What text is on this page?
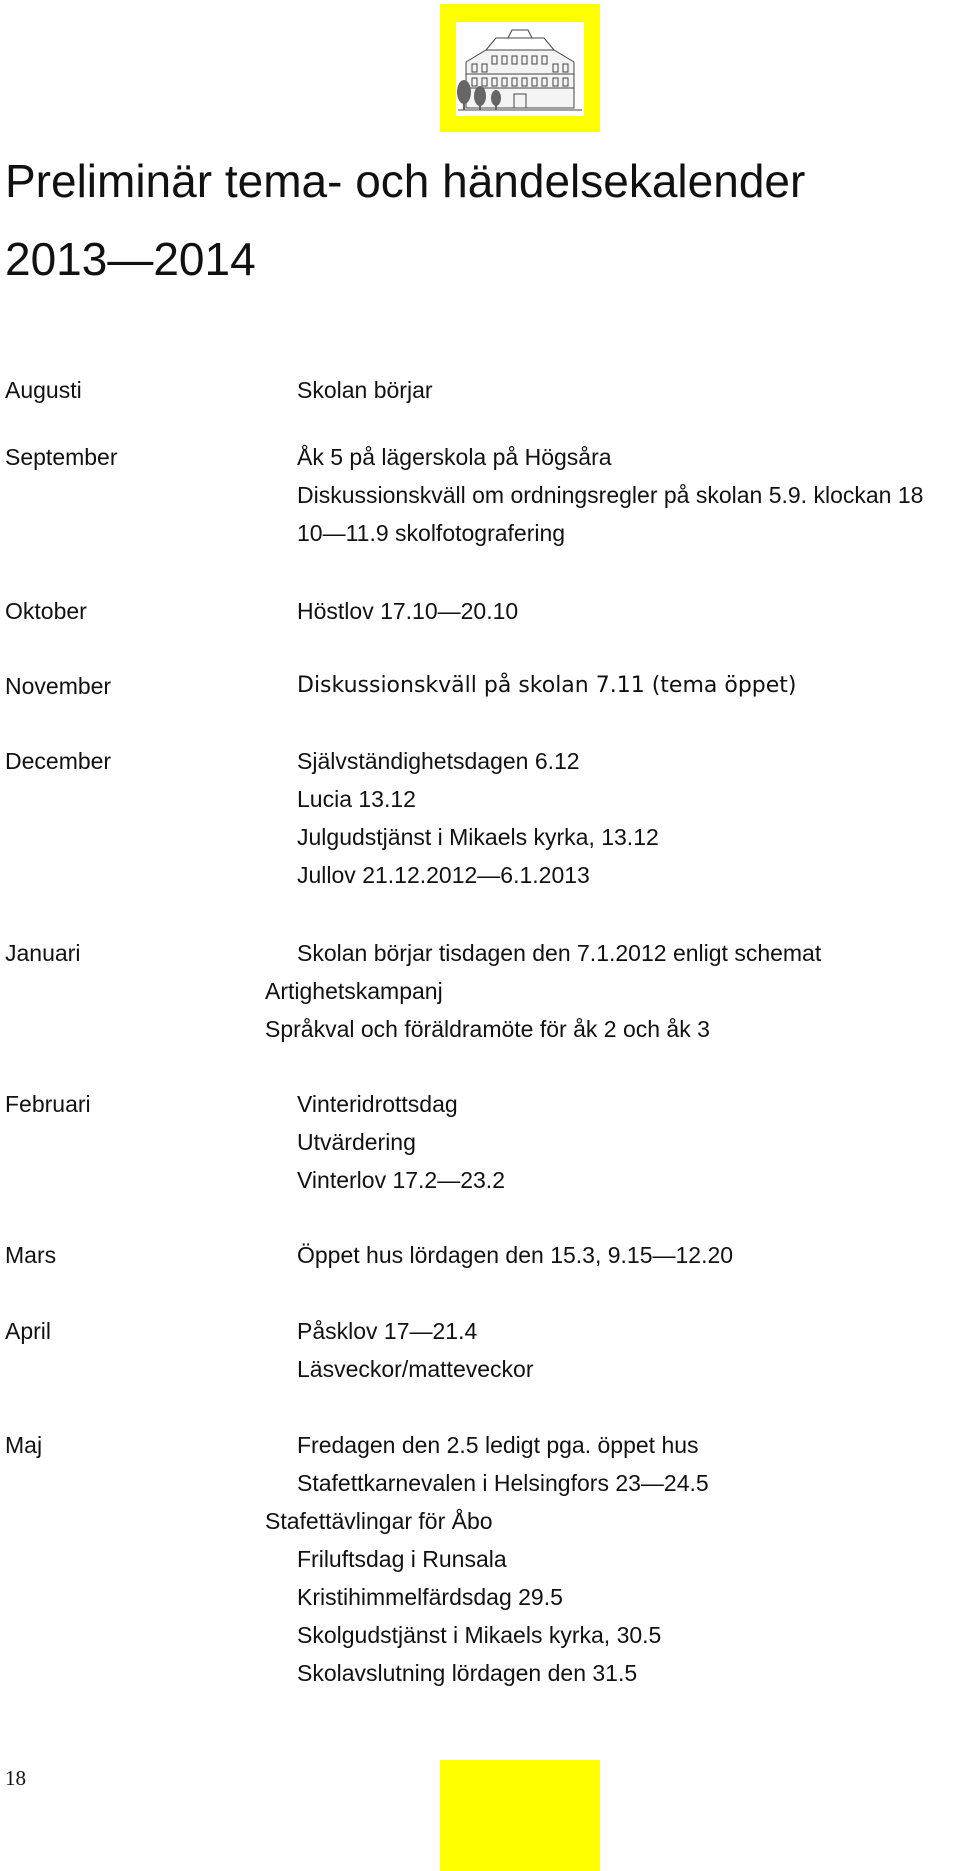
Preliminär tema- och händelsekalender
2013—2014
Augusti	Skolan börjar
September	Åk 5 på lägerskola på Högsåra
Diskussionskväll om ordningsregler på skolan 5.9. klockan 18
10—11.9 skolfotografering
Oktober	Höstlov 17.10—20.10
November	Diskussionskväll på skolan 7.11 (tema öppet)
December	Självständighetsdagen 6.12
Lucia 13.12
Julgudstjänst i Mikaels kyrka, 13.12
Jullov 21.12.2012—6.1.2013
Januari	Skolan börjar tisdagen den 7.1.2012 enligt schemat
Artighetskampanj
Språkval och föräldramöte för åk 2 och åk 3
Februari	Vinteridrottsdag
Utvärdering
Vinterlov 17.2—23.2
Mars	Öppet hus lördagen den 15.3, 9.15—12.20
April	Påsklov 17—21.4
Läsveckor/matteveckor
Maj	Fredagen den 2.5 ledigt pga. öppet hus
Stafettkarnevalen i Helsingfors 23—24.5
Stafettävlingar för Åbo
Friluftsdag i Runsala
Kristihimmelfärdsdag 29.5
Skolgudstjänst i Mikaels kyrka, 30.5
Skolavslutning lördagen den 31.5
18
